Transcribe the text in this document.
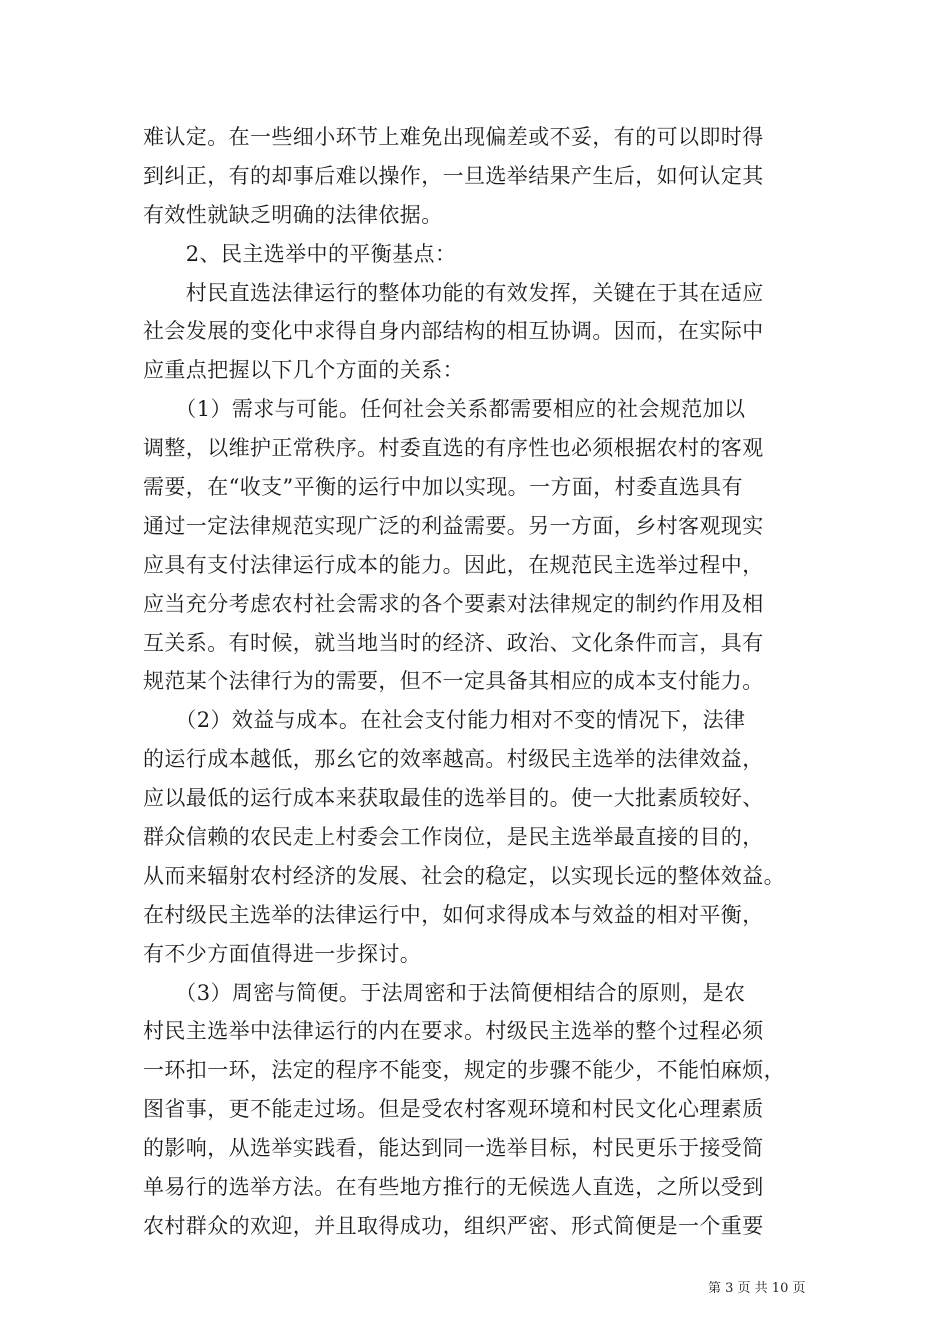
难认定。在一些细小环节上难免出现偏差或不妥，有的可以即时得
到纠正，有的却事后难以操作，一旦选举结果产生后，如何认定其
有效性就缺乏明确的法律依据。
　　2、民主选举中的平衡基点：
　　村民直选法律运行的整体功能的有效发挥，关键在于其在适应
社会发展的变化中求得自身内部结构的相互协调。因而，在实际中
应重点把握以下几个方面的关系：
　　（1）需求与可能。任何社会关系都需要相应的社会规范加以
调整，以维护正常秩序。村委直选的有序性也必须根据农村的客观
需要，在“收支”平衡的运行中加以实现。一方面，村委直选具有
通过一定法律规范实现广泛的利益需要。另一方面，乡村客观现实
应具有支付法律运行成本的能力。因此，在规范民主选举过程中，
应当充分考虑农村社会需求的各个要素对法律规定的制约作用及相
互关系。有时候，就当地当时的经济、政治、文化条件而言，具有
规范某个法律行为的需要，但不一定具备其相应的成本支付能力。
　　（2）效益与成本。在社会支付能力相对不变的情况下，法律
的运行成本越低，那幺它的效率越高。村级民主选举的法律效益，
应以最低的运行成本来获取最佳的选举目的。使一大批素质较好、
群众信赖的农民走上村委会工作岗位，是民主选举最直接的目的，
从而来辐射农村经济的发展、社会的稳定，以实现长远的整体效益。
在村级民主选举的法律运行中，如何求得成本与效益的相对平衡，
有不少方面值得进一步探讨。
　　（3）周密与简便。于法周密和于法简便相结合的原则，是农
村民主选举中法律运行的内在要求。村级民主选举的整个过程必须
一环扣一环，法定的程序不能变，规定的步骤不能少，不能怕麻烦，
图省事，更不能走过场。但是受农村客观环境和村民文化心理素质
的影响，从选举实践看，能达到同一选举目标，村民更乐于接受简
单易行的选举方法。在有些地方推行的无候选人直选，之所以受到
农村群众的欢迎，并且取得成功，组织严密、形式简便是一个重要
第 3 页 共 10 页
